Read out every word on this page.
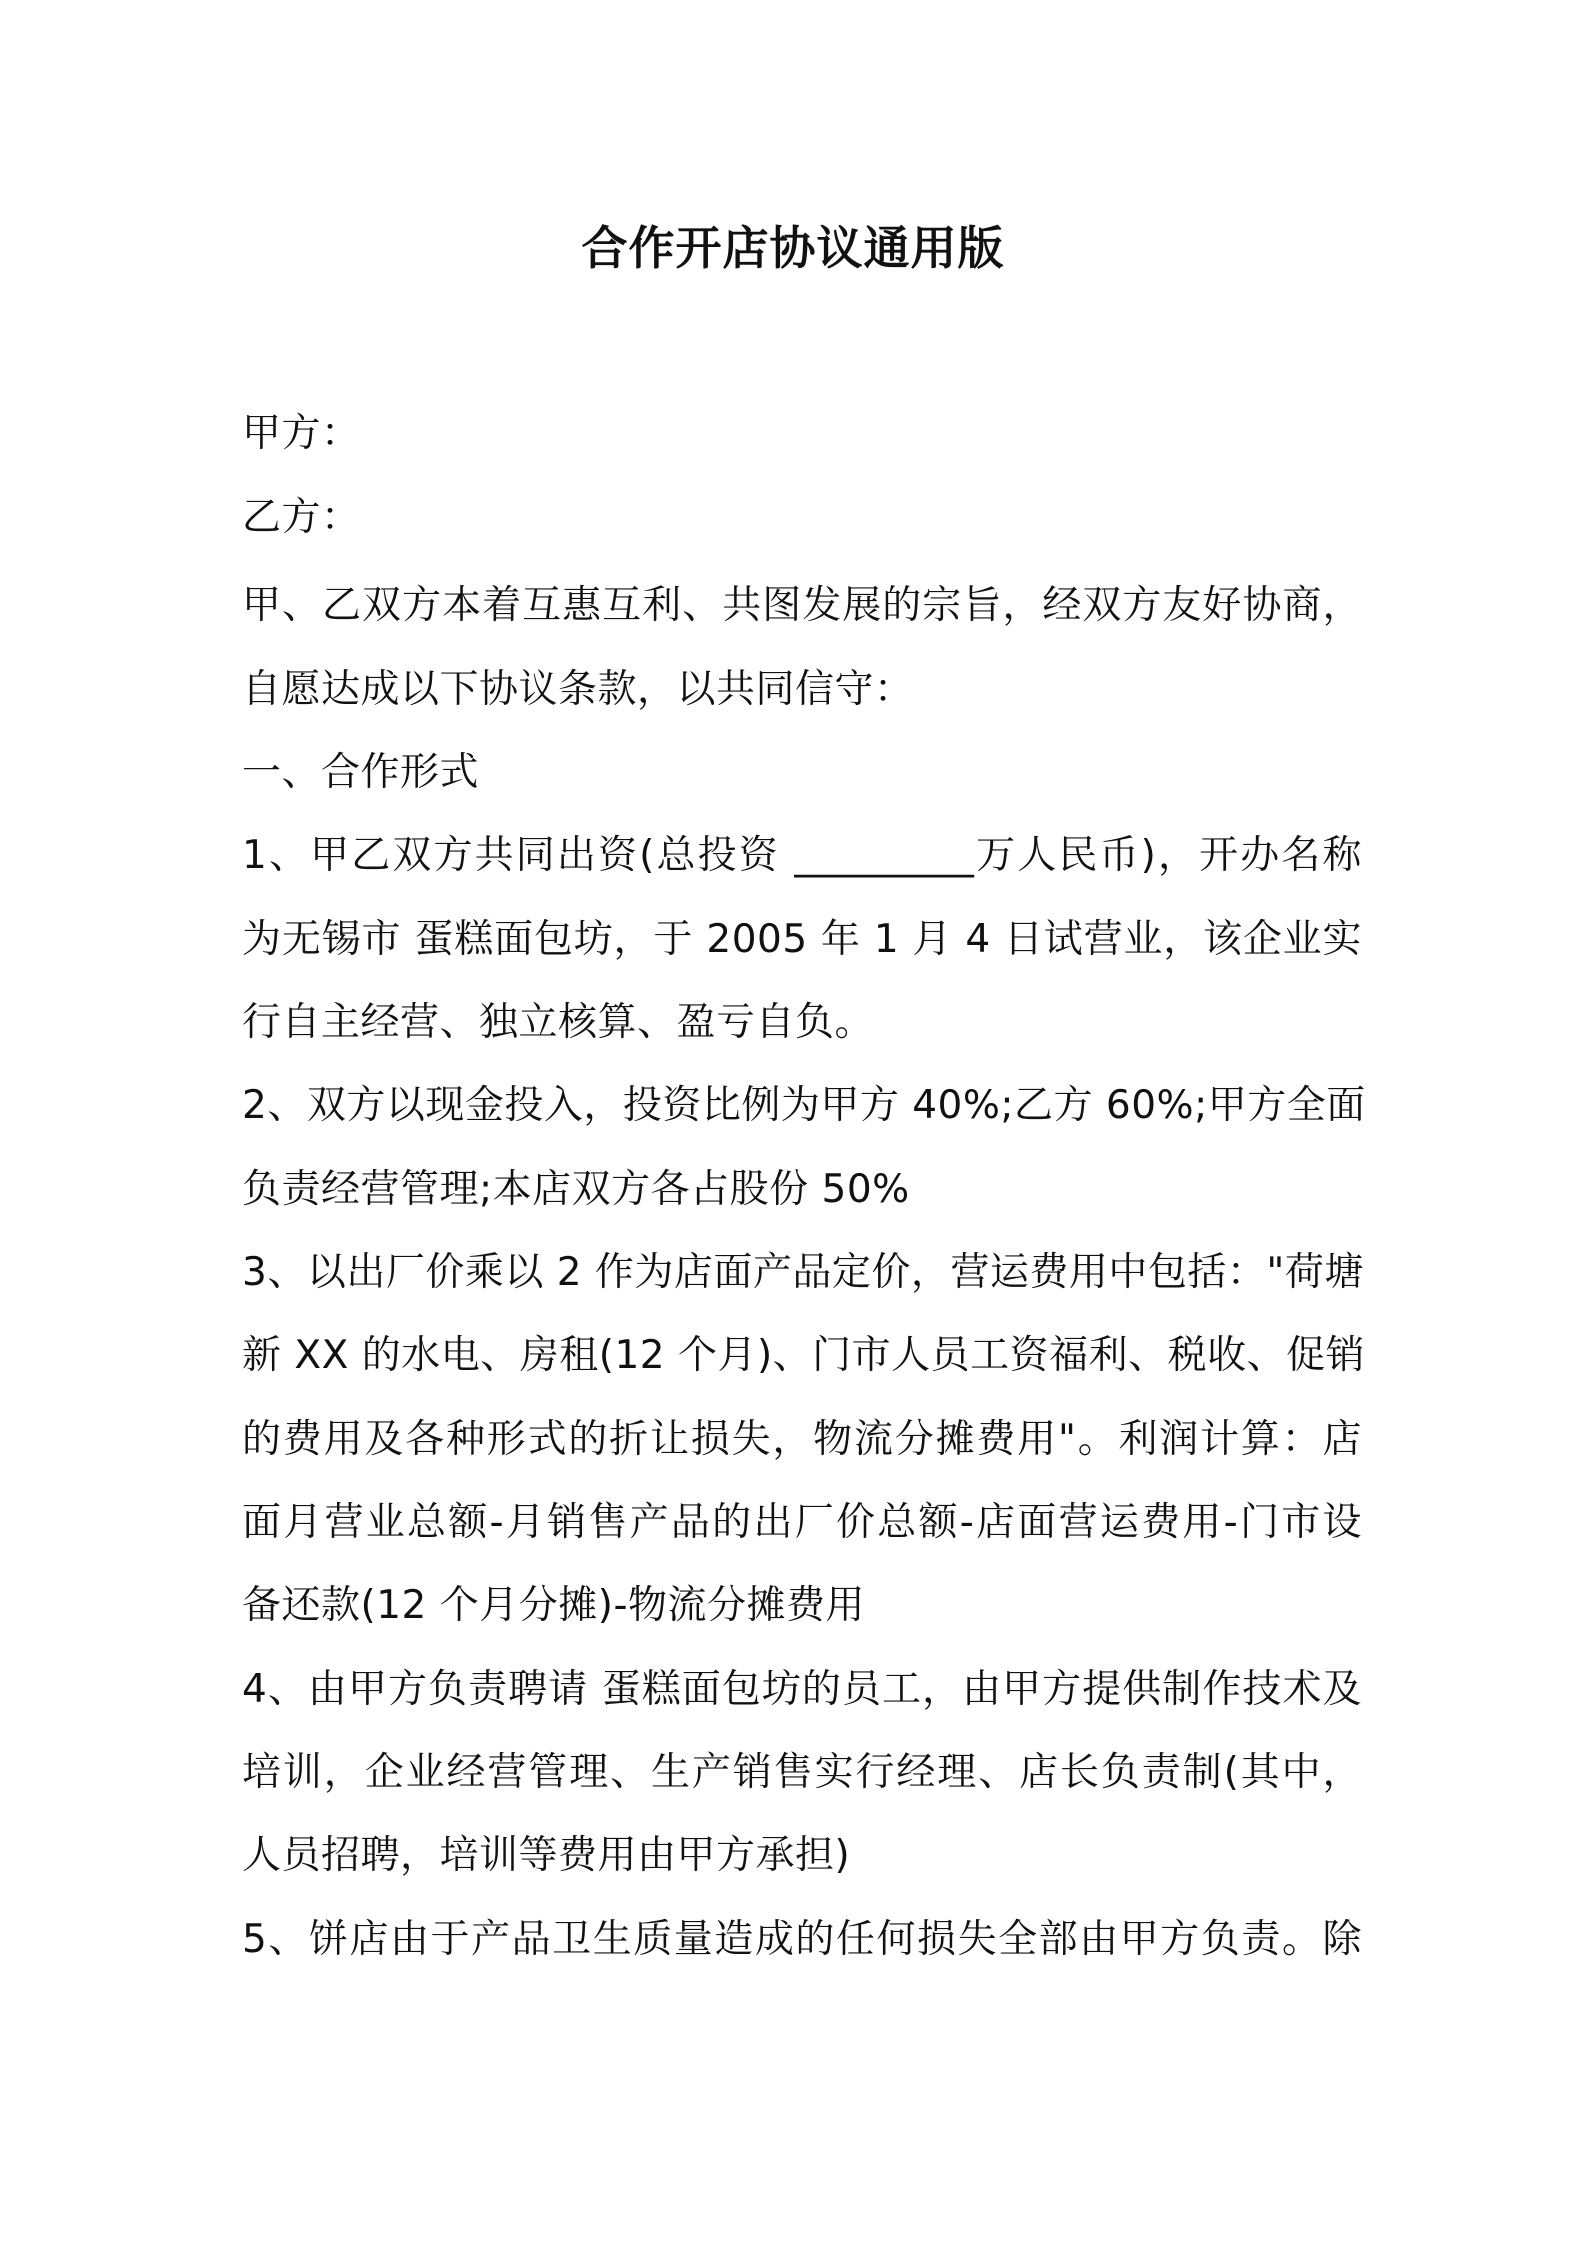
合作开店协议通用版
甲方：
乙方：
甲、乙双方本着互惠互利、共图发展的宗旨，经双方友好协商，
自愿达成以下协议条款，以共同信守：
一、合作形式
1、甲乙双方共同出资(总投资 _________万人民币)，开办名称
为无锡市 蛋糕面包坊，于 2005 年 1 月 4 日试营业，该企业实
行自主经营、独立核算、盈亏自负。
2、双方以现金投入，投资比例为甲方 40%;乙方 60%;甲方全面
负责经营管理;本店双方各占股份 50%
3、以出厂价乘以 2 作为店面产品定价，营运费用中包括："荷塘
新 XX 的水电、房租(12 个月)、门市人员工资福利、税收、促销
的费用及各种形式的折让损失，物流分摊费用"。利润计算：店
面月营业总额-月销售产品的出厂价总额-店面营运费用-门市设
备还款(12 个月分摊)-物流分摊费用
4、由甲方负责聘请 蛋糕面包坊的员工，由甲方提供制作技术及
培训，企业经营管理、生产销售实行经理、店长负责制(其中，
人员招聘，培训等费用由甲方承担)
5、饼店由于产品卫生质量造成的任何损失全部由甲方负责。除
